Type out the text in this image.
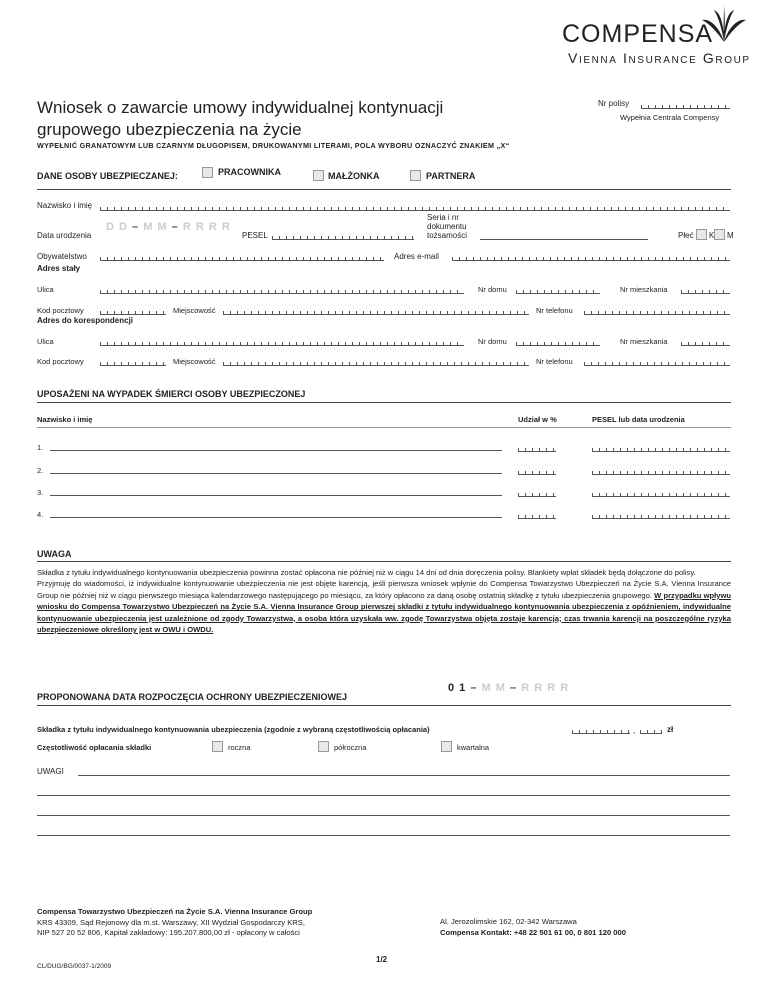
COMPENSA
Vienna Insurance Group
Wniosek o zawarcie umowy indywidualnej kontynuacji
grupowego ubezpieczenia na życie
Nr polisy
Wypełnia Centrala Compensy
WYPEŁNIĆ GRANATOWYM LUB CZARNYM DŁUGOPISEM, DRUKOWANYMI LITERAMI, POLA WYBORU OZNACZYĆ ZNAKIEM „X“
DANE OSOBY UBEZPIECZANEJ:	PRACOWNIKA	MAŁŻONKA	PARTNERA
Nazwisko i imię
Data urodzenia
D D – M M – R R R R
PESEL
Seria i nr
dokumentu
tożsamości	Płeć K M
Obywatelstwo	Adres e-mail
Adres stały
Ulica	Nr domu	Nr mieszkania
Kod pocztowy	Miejscowość	Nr telefonu
Adres do korespondencji
Ulica	Nr domu	Nr mieszkania
Kod pocztowy	Miejscowość	Nr telefonu
UPOSAŻENI NA WYPADEK ŚMIERCI OSOBY UBEZPIECZONEJ
Nazwisko i imię	Udział w %	PESEL lub data urodzenia
1.
2.
3.
4.
UWAGA
Składka z tytułu indywidualnego kontynuowania ubezpieczenia powinna zostać opłacona nie później niż w ciągu 14 dni od dnia doręczenia polisy. Blankiety wpłat składek będą dołączone do polisy.
Przyjmuję do wiadomości, iż indywidualne kontynuowanie ubezpieczenia nie jest objęte karencją, jeśli pierwsza wniosek wpłynie do Compensa Towarzystwo Ubezpieczeń na Życie S.A. Vienna Insurance Group nie później niż w ciągu pierwszego miesiąca kalendarzowego następującego po miesiącu, za który opłacono za daną osobę ostatnią składkę z tytułu ubezpieczenia grupowego. W przypadku wpływu wniosku do Compensa Towarzystwo Ubezpieczeń na Życie S.A. Vienna Insurance Group pierwszej składki z tytułu indywidualnego kontynuowania ubezpieczenia z opóźnieniem, indywidualne kontynuowanie ubezpieczenia jest uzależnione od zgody Towarzystwa, a osoba która uzyskała ww. zgodę Towarzystwa objęta zostaje karencją; czas trwania karencji na poszczególne ryzyka ubezpieczeniowe określony jest w OWU i OWDU.
PROPONOWANA DATA ROZPOCZĘCIA OCHRONY UBEZPIECZENIOWEJ
0 1 – M M – R R R R
Składka z tytułu indywidualnego kontynuowania ubezpieczenia (zgodnie z wybraną częstotliwością opłacania)	,	zł
Częstotliwość opłacania składki	roczna	półroczna	kwartalna
UWAGI
Compensa Towarzystwo Ubezpieczeń na Życie S.A. Vienna Insurance Group
KRS 43309, Sąd Rejonowy dla m.st. Warszawy, XII Wydział Gospodarczy KRS,
NIP 527 20 52 806, Kapitał zakładowy: 195.207.800,00 zł - opłacony w całości
Al. Jerozolimskie 162, 02-342 Warszawa
Compensa Kontakt: +48 22 501 61 00, 0 801 120 000
CL/DUG/BG/0037-1/2009
1/2
